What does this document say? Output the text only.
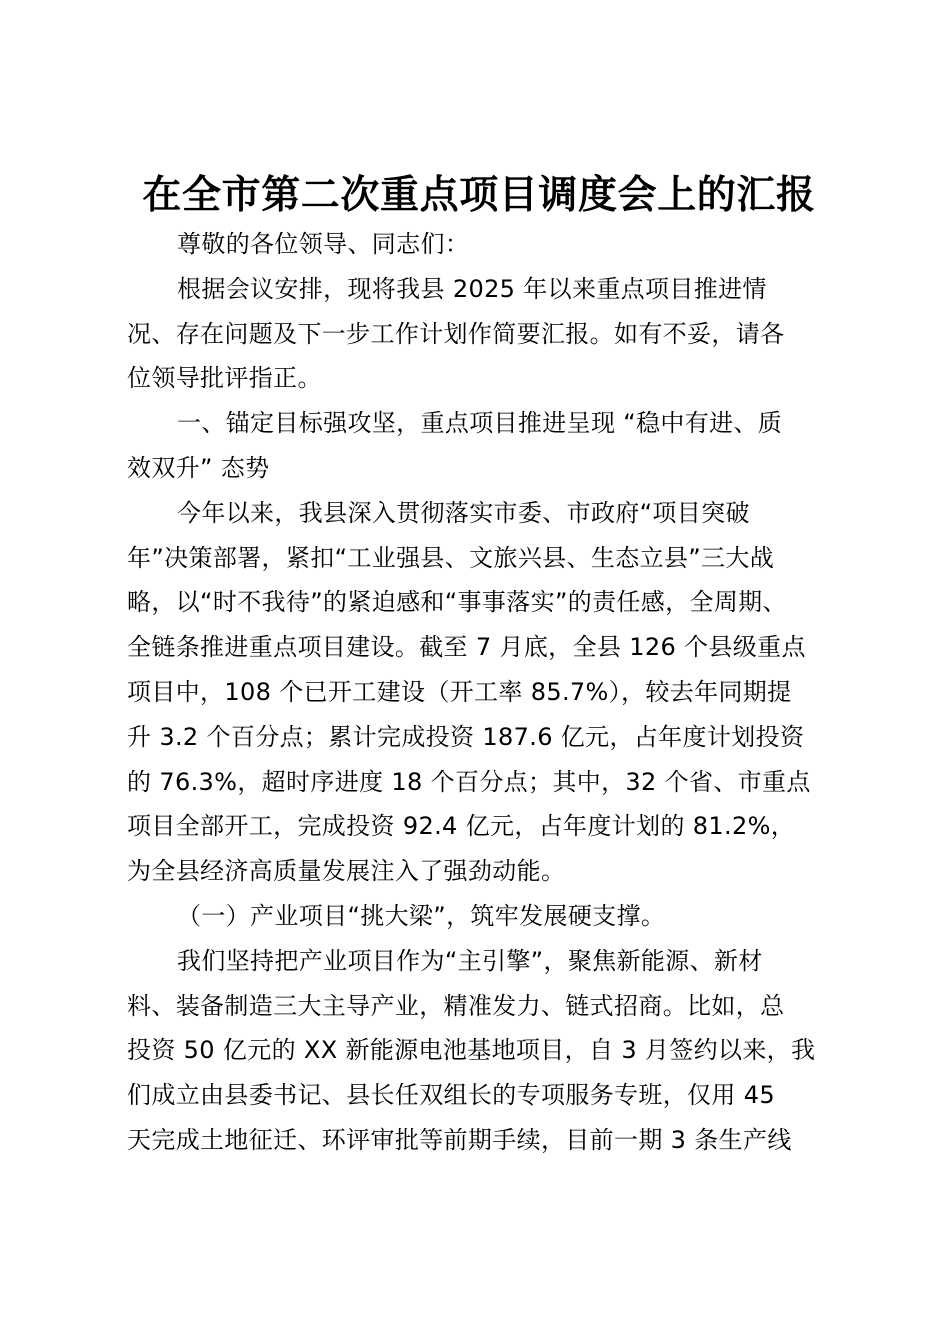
在全市第二次重点项目调度会上的汇报
尊敬的各位领导、同志们：
根据会议安排，现将我县 2025 年以来重点项目推进情
况、存在问题及下一步工作计划作简要汇报。如有不妥，请各
位领导批评指正。
一、锚定目标强攻坚，重点项目推进呈现 “稳中有进、质
效双升” 态势
今年以来，我县深入贯彻落实市委、市政府“项目突破
年”决策部署，紧扣“工业强县、文旅兴县、生态立县”三大战
略，以“时不我待”的紧迫感和“事事落实”的责任感，全周期、
全链条推进重点项目建设。截至 7 月底，全县 126 个县级重点
项目中，108 个已开工建设（开工率 85.7%），较去年同期提
升 3.2 个百分点；累计完成投资 187.6 亿元，占年度计划投资
的 76.3%，超时序进度 18 个百分点；其中，32 个省、市重点
项目全部开工，完成投资 92.4 亿元，占年度计划的 81.2%，
为全县经济高质量发展注入了强劲动能。
（一）产业项目“挑大梁”，筑牢发展硬支撑。
我们坚持把产业项目作为“主引擎”，聚焦新能源、新材
料、装备制造三大主导产业，精准发力、链式招商。比如，总
投资 50 亿元的 XX 新能源电池基地项目，自 3 月签约以来，我
们成立由县委书记、县长任双组长的专项服务专班，仅用 45
天完成土地征迁、环评审批等前期手续，目前一期 3 条生产线
